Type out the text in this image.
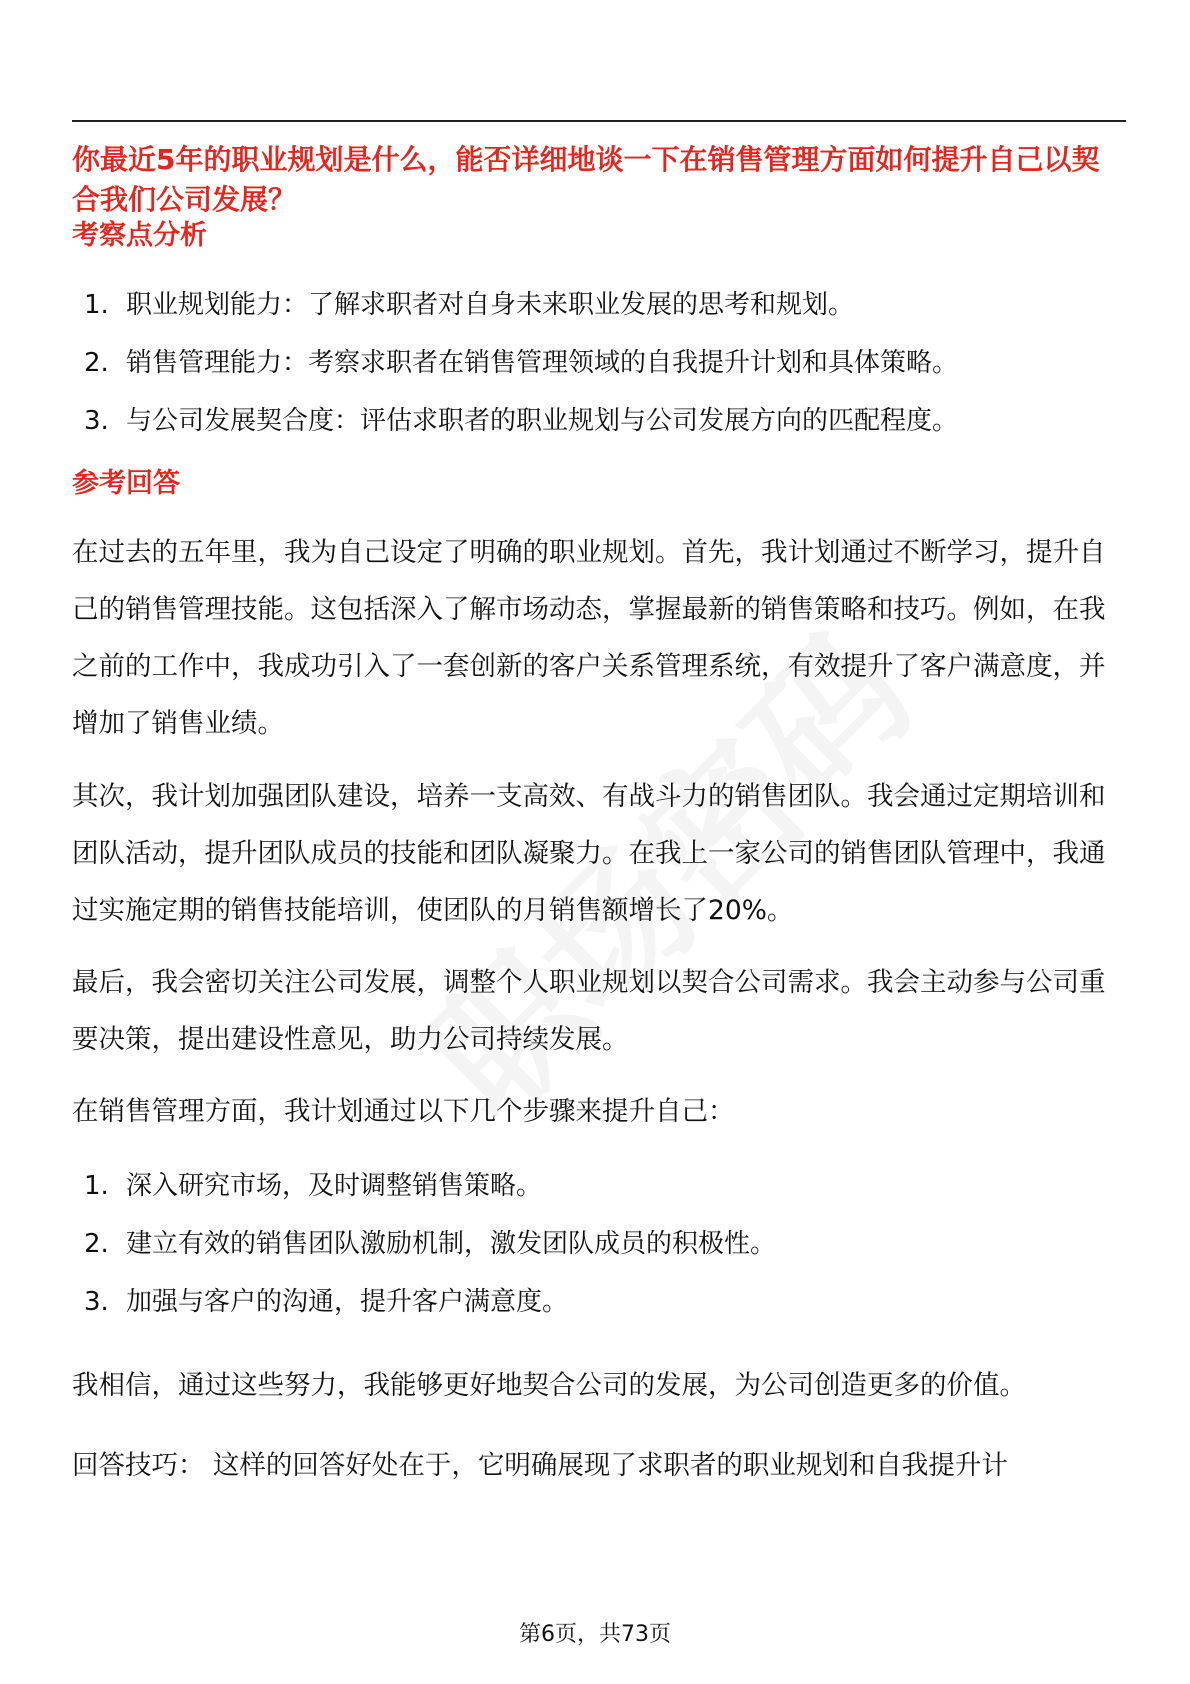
你最近5年的职业规划是什么，能否详细地谈一下在销售管理方面如何提升自己以契合我们公司发展？

考察点分析
1. 职业规划能力：了解求职者对自身未来职业发展的思考和规划。
2. 销售管理能力：考察求职者在销售管理领域的自我提升计划和具体策略。
3. 与公司发展契合度：评估求职者的职业规划与公司发展方向的匹配程度。
参考回答

在过去的五年里，我为自己设定了明确的职业规划。首先，我计划通过不断学习，提升自己的销售管理技能。这包括深入了解市场动态，掌握最新的销售策略和技巧。例如，在我之前的工作中，我成功引入了一套创新的客户关系管理系统，有效提升了客户满意度，并增加了销售业绩。

其次，我计划加强团队建设，培养一支高效、有战斗力的销售团队。我会通过定期培训和团队活动，提升团队成员的技能和团队凝聚力。在我上一家公司的销售团队管理中，我通过实施定期的销售技能培训，使团队的月销售额增长了20%。

最后，我会密切关注公司发展，调整个人职业规划以契合公司需求。我会主动参与公司重要决策，提出建设性意见，助力公司持续发展。

在销售管理方面，我计划通过以下几个步骤来提升自己：

1. 深入研究市场，及时调整销售策略。
2. 建立有效的销售团队激励机制，激发团队成员的积极性。
3. 加强与客户的沟通，提升客户满意度。

我相信，通过这些努力，我能够更好地契合公司的发展，为公司创造更多的价值。

回答技巧： 这样的回答好处在于，它明确展现了求职者的职业规划和自我提升计

第6页，共73页
